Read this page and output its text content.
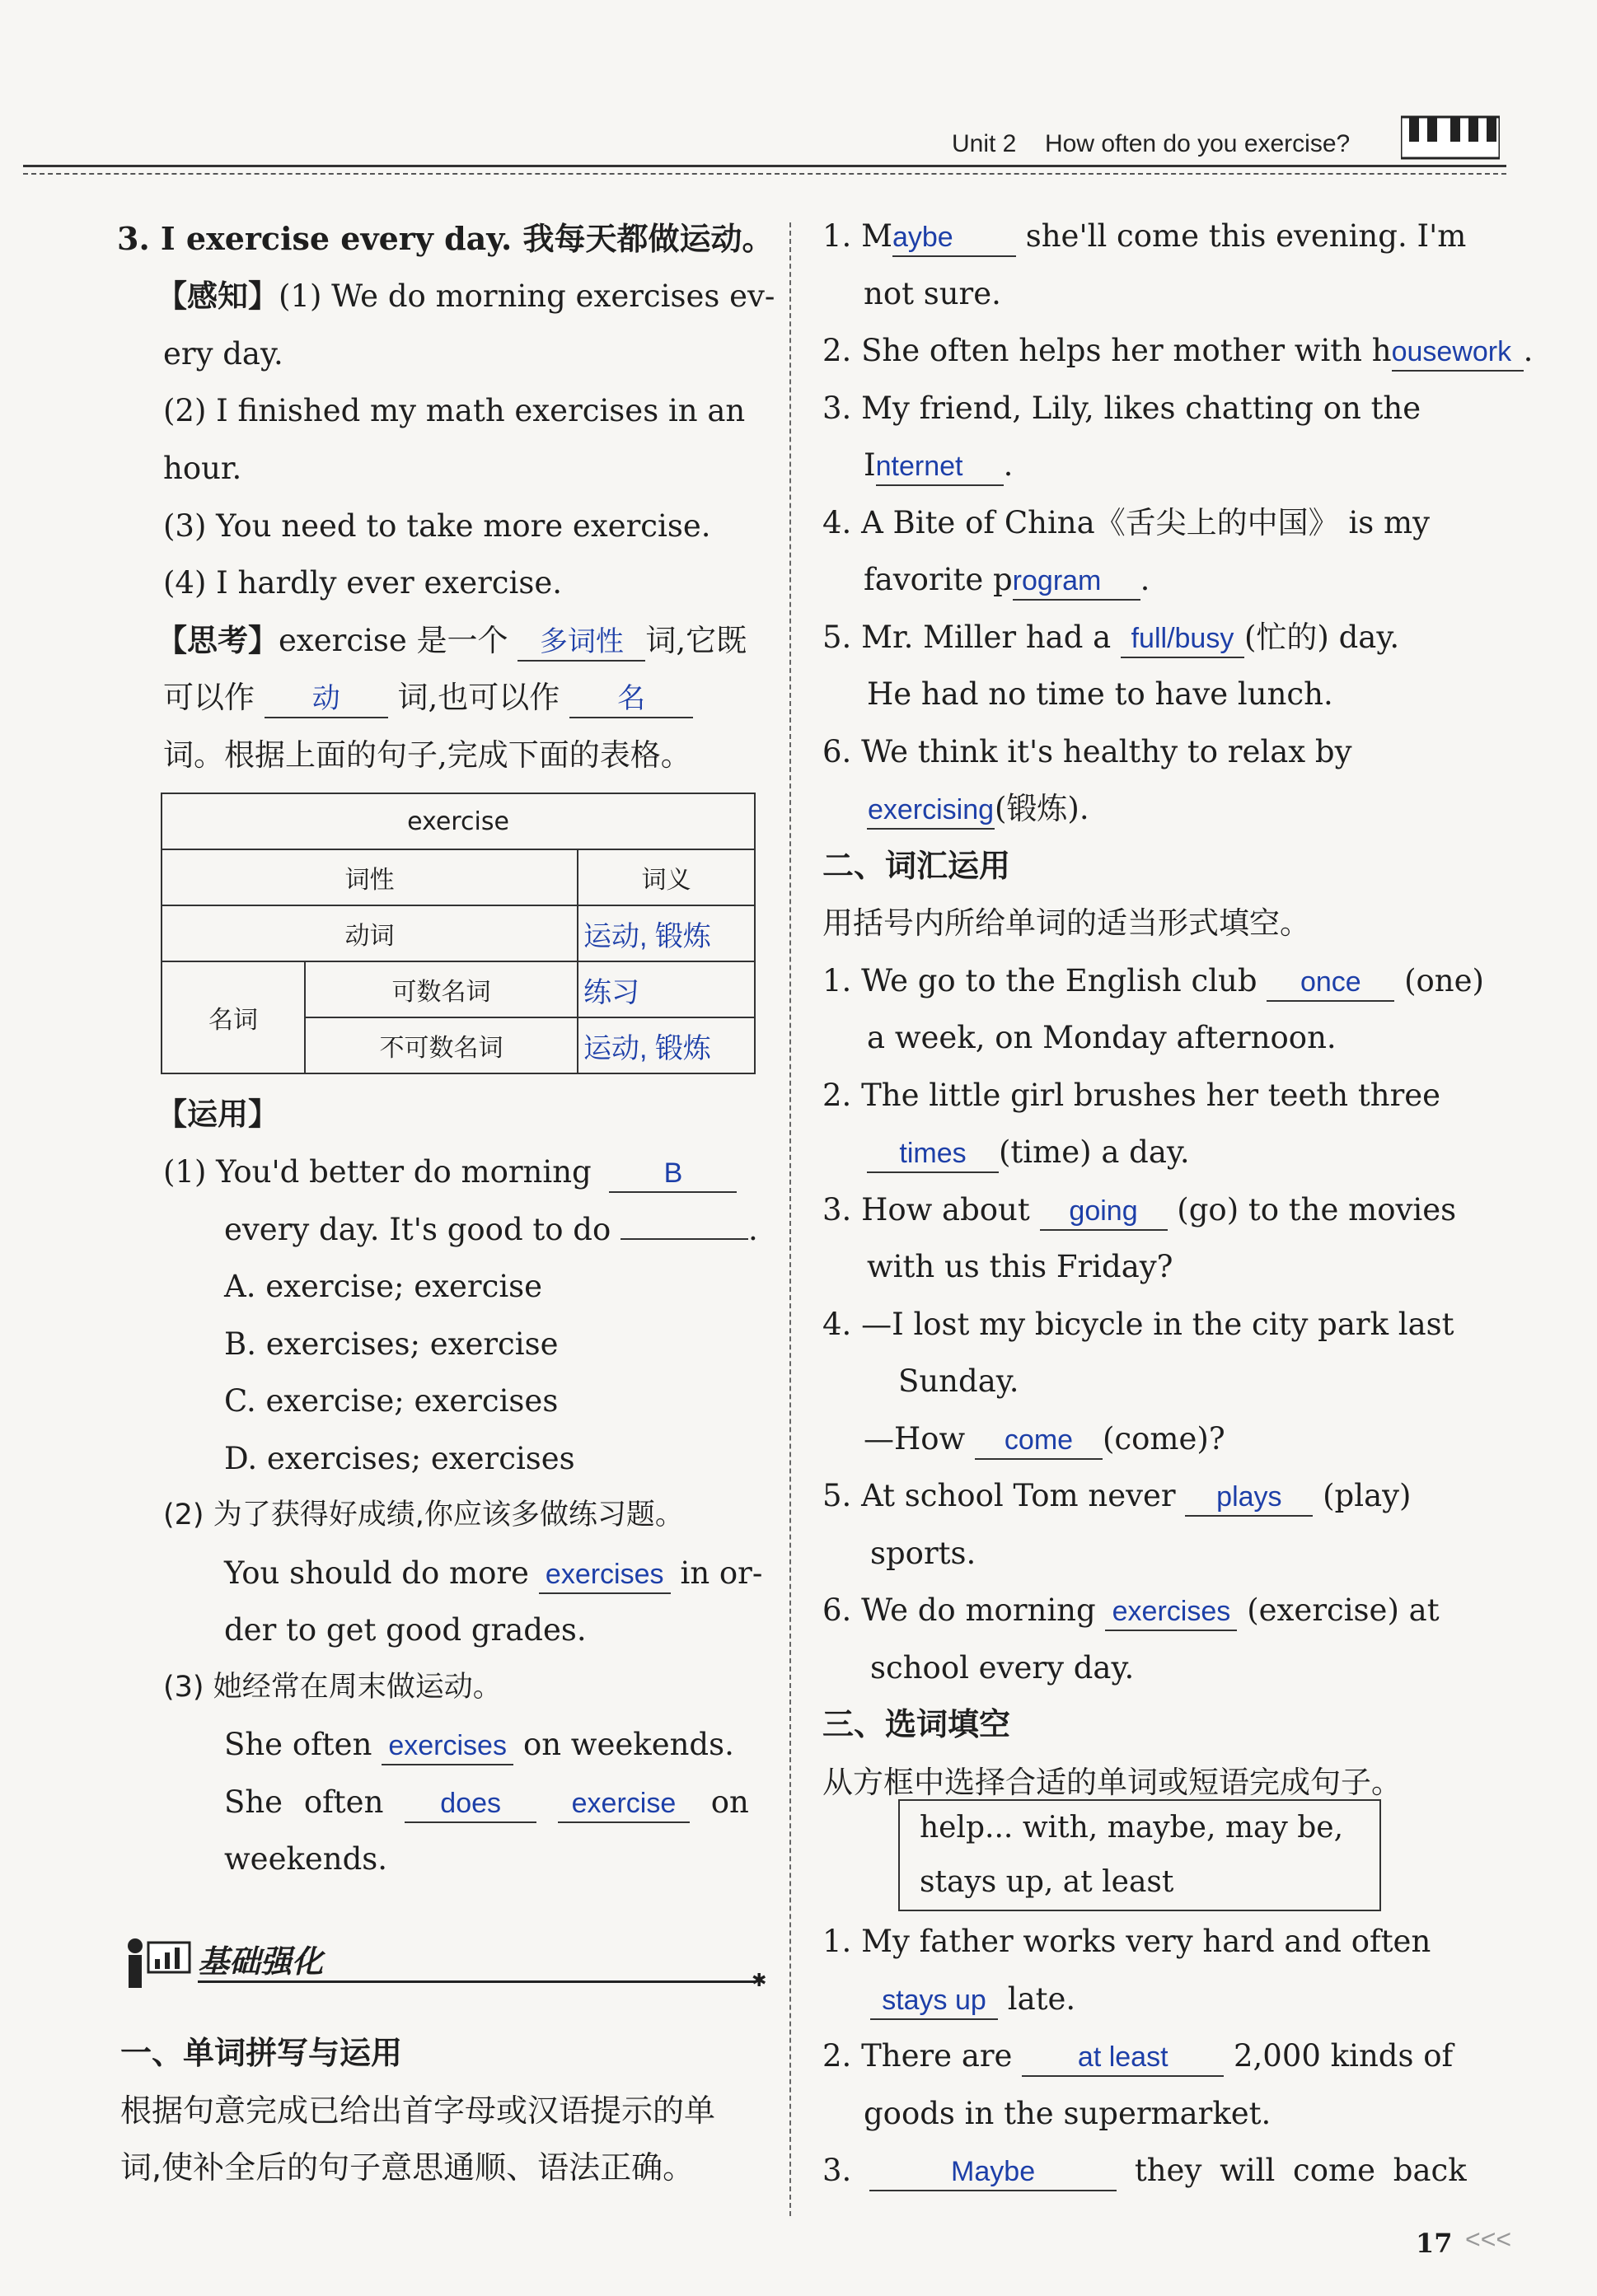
Unit 2 How often do you exercise?
3. I exercise every day. 我每天都做运动。
【感知】(1) We do morning exercises ev-
ery day.
(2) I finished my math exercises in an
hour.
(3) You need to take more exercise.
(4) I hardly ever exercise.
【思考】exercise 是一个 多词性 词,它既
可以作 动 词,也可以作 名
词。根据上面的句子,完成下面的表格。
exercise		
词性		词义
动词		运动, 锻炼
名词	可数名词	练习
	不可数名词	运动, 锻炼
【运用】
(1) You'd better do morning	B
every day. It's good to do	.
A. exercise; exercise
B. exercises; exercise
C. exercise; exercises
D. exercises; exercises
(2) 为了获得好成绩,你应该多做练习题。
You should do more exercises in or-
der to get good grades.
(3) 她经常在周末做运动。
She often exercises on weekends.
She often does	exercise on
weekends.
基础强化
✱
一、单词拼写与运用
根据句意完成已给出首字母或汉语提示的单
词,使补全后的句子意思通顺、语法正确。
1. Maybe she'll come this evening. I'm
not sure.
2. She often helps her mother with housework .
3. My friend, Lily, likes chatting on the
Internet .
4. A Bite of China《舌尖上的中国》 is my
favorite program .
5. Mr. Miller had a full/busy (忙的) day.
He had no time to have lunch.
6. We think it's healthy to relax by
exercising(锻炼).
二、词汇运用
用括号内所给单词的适当形式填空。
1. We go to the English club once (one)
a week, on Monday afternoon.
2. The little girl brushes her teeth three
times (time) a day.
3. How about going (go) to the movies
with us this Friday?
4. —I lost my bicycle in the city park last
Sunday.
—How come (come)?
5. At school Tom never plays (play)
sports.
6. We do morning exercises (exercise) at
school every day.
三、选词填空
从方框中选择合适的单词或短语完成句子。
help... with, maybe, may be,
stays up, at least
1. My father works very hard and often
stays up late.
2. There are at least 2,000 kinds of
goods in the supermarket.
3.	Maybe	they will come back
17 <<<
